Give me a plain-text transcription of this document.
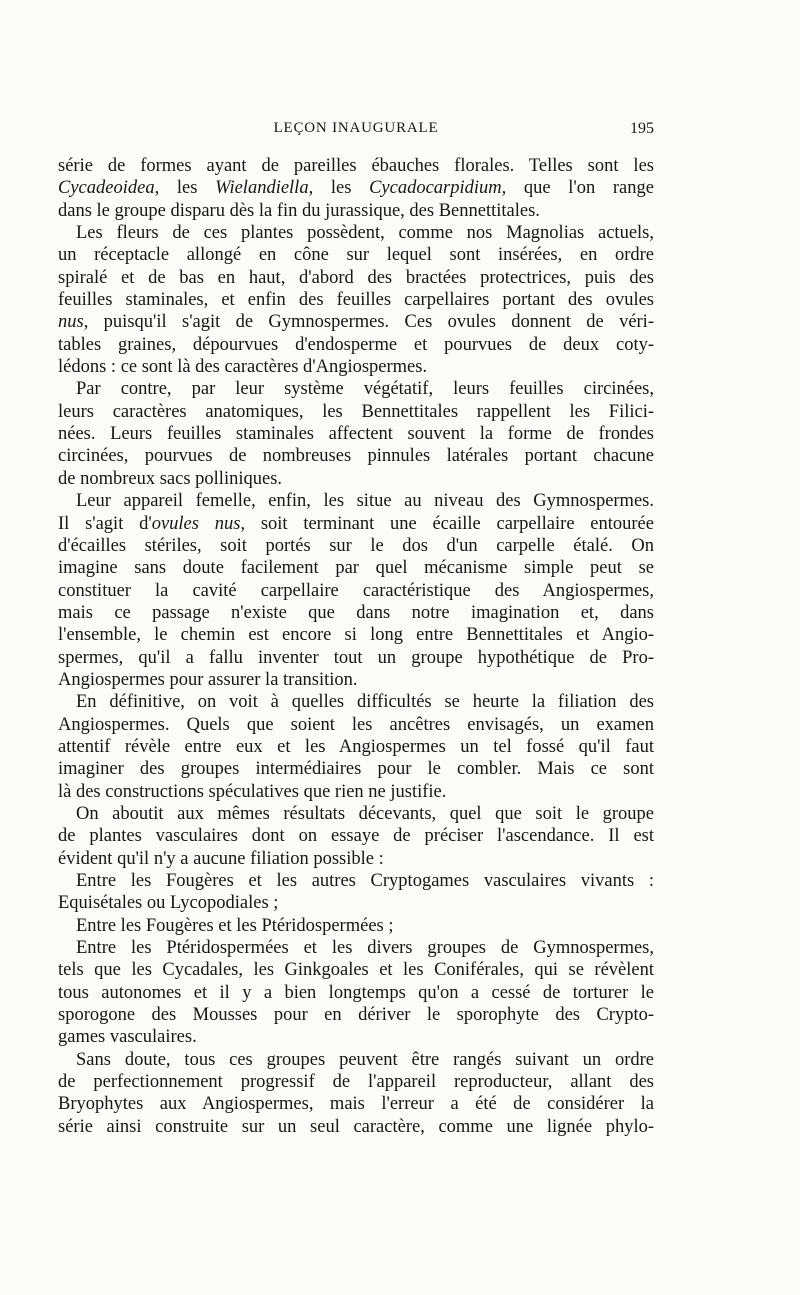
LEÇON INAUGURALE	195
série de formes ayant de pareilles ébauches florales. Telles sont les
Cycadeoidea, les Wielandiella, les Cycadocarpidium, que l'on range
dans le groupe disparu dès la fin du jurassique, des Bennettitales.
Les fleurs de ces plantes possèdent, comme nos Magnolias actuels,
un réceptacle allongé en cône sur lequel sont insérées, en ordre
spiralé et de bas en haut, d'abord des bractées protectrices, puis des
feuilles staminales, et enfin des feuilles carpellaires portant des ovules
nus, puisqu'il s'agit de Gymnospermes. Ces ovules donnent de véri-
tables graines, dépourvues d'endosperme et pourvues de deux coty-
lédons : ce sont là des caractères d'Angiospermes.
Par contre, par leur système végétatif, leurs feuilles circinées,
leurs caractères anatomiques, les Bennettitales rappellent les Filici-
nées. Leurs feuilles staminales affectent souvent la forme de frondes
circinées, pourvues de nombreuses pinnules latérales portant chacune
de nombreux sacs polliniques.
Leur appareil femelle, enfin, les situe au niveau des Gymnospermes.
Il s'agit d'ovules nus, soit terminant une écaille carpellaire entourée
d'écailles stériles, soit portés sur le dos d'un carpelle étalé. On
imagine sans doute facilement par quel mécanisme simple peut se
constituer la cavité carpellaire caractéristique des Angiospermes,
mais ce passage n'existe que dans notre imagination et, dans
l'ensemble, le chemin est encore si long entre Bennettitales et Angio-
spermes, qu'il a fallu inventer tout un groupe hypothétique de Pro-
Angiospermes pour assurer la transition.
En définitive, on voit à quelles difficultés se heurte la filiation des
Angiospermes. Quels que soient les ancêtres envisagés, un examen
attentif révèle entre eux et les Angiospermes un tel fossé qu'il faut
imaginer des groupes intermédiaires pour le combler. Mais ce sont
là des constructions spéculatives que rien ne justifie.
On aboutit aux mêmes résultats décevants, quel que soit le groupe
de plantes vasculaires dont on essaye de préciser l'ascendance. Il est
évident qu'il n'y a aucune filiation possible :
Entre les Fougères et les autres Cryptogames vasculaires vivants :
Equisétales ou Lycopodiales ;
Entre les Fougères et les Ptéridospermées ;
Entre les Ptéridospermées et les divers groupes de Gymnospermes,
tels que les Cycadales, les Ginkgoales et les Coniférales, qui se révèlent
tous autonomes et il y a bien longtemps qu'on a cessé de torturer le
sporogone des Mousses pour en dériver le sporophyte des Crypto-
games vasculaires.
Sans doute, tous ces groupes peuvent être rangés suivant un ordre
de perfectionnement progressif de l'appareil reproducteur, allant des
Bryophytes aux Angiospermes, mais l'erreur a été de considérer la
série ainsi construite sur un seul caractère, comme une lignée phylo-
